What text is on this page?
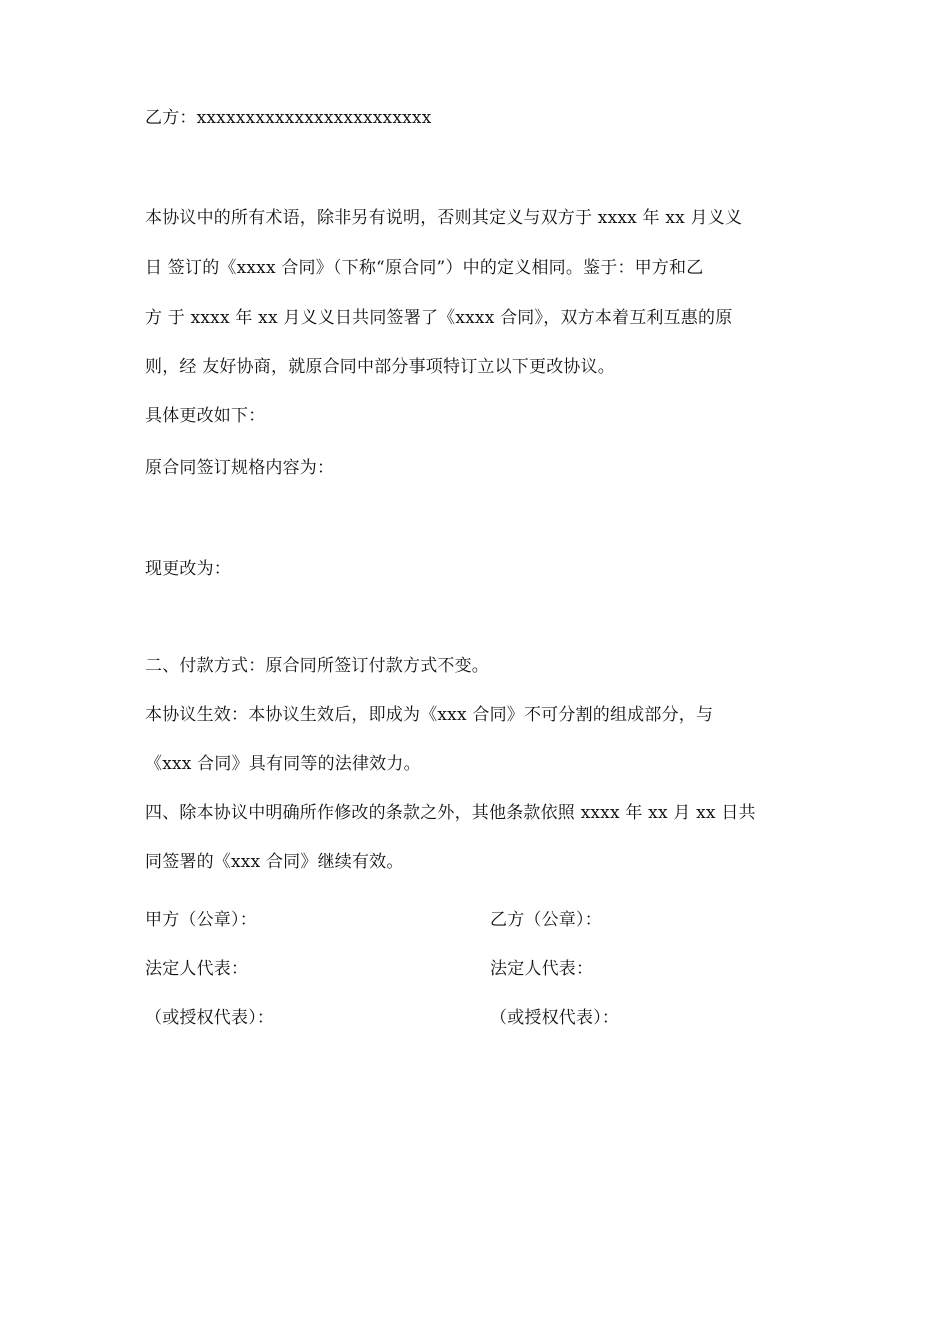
乙方：xxxxxxxxxxxxxxxxxxxxxxxx
本协议中的所有术语，除非另有说明，否则其定义与双方于 xxxx 年 xx 月义义
日 签订的《xxxx 合同》（下称“原合同”）中的定义相同。鉴于：甲方和乙
方 于 xxxx 年 xx 月义义日共同签署了《xxxx 合同》，双方本着互利互惠的原
则，经 友好协商，就原合同中部分事项特订立以下更改协议。
具体更改如下：
原合同签订规格内容为：
现更改为：
二、付款方式：原合同所签订付款方式不变。
本协议生效：本协议生效后，即成为《xxx 合同》不可分割的组成部分，与
《xxx 合同》具有同等的法律效力。
四、除本协议中明确所作修改的条款之外，其他条款依照 xxxx 年 xx 月 xx 日共
同签署的《xxx 合同》继续有效。
甲方（公章）：	乙方（公章）：
法定人代表：	法定人代表：
（或授权代表）：	（或授权代表）：
